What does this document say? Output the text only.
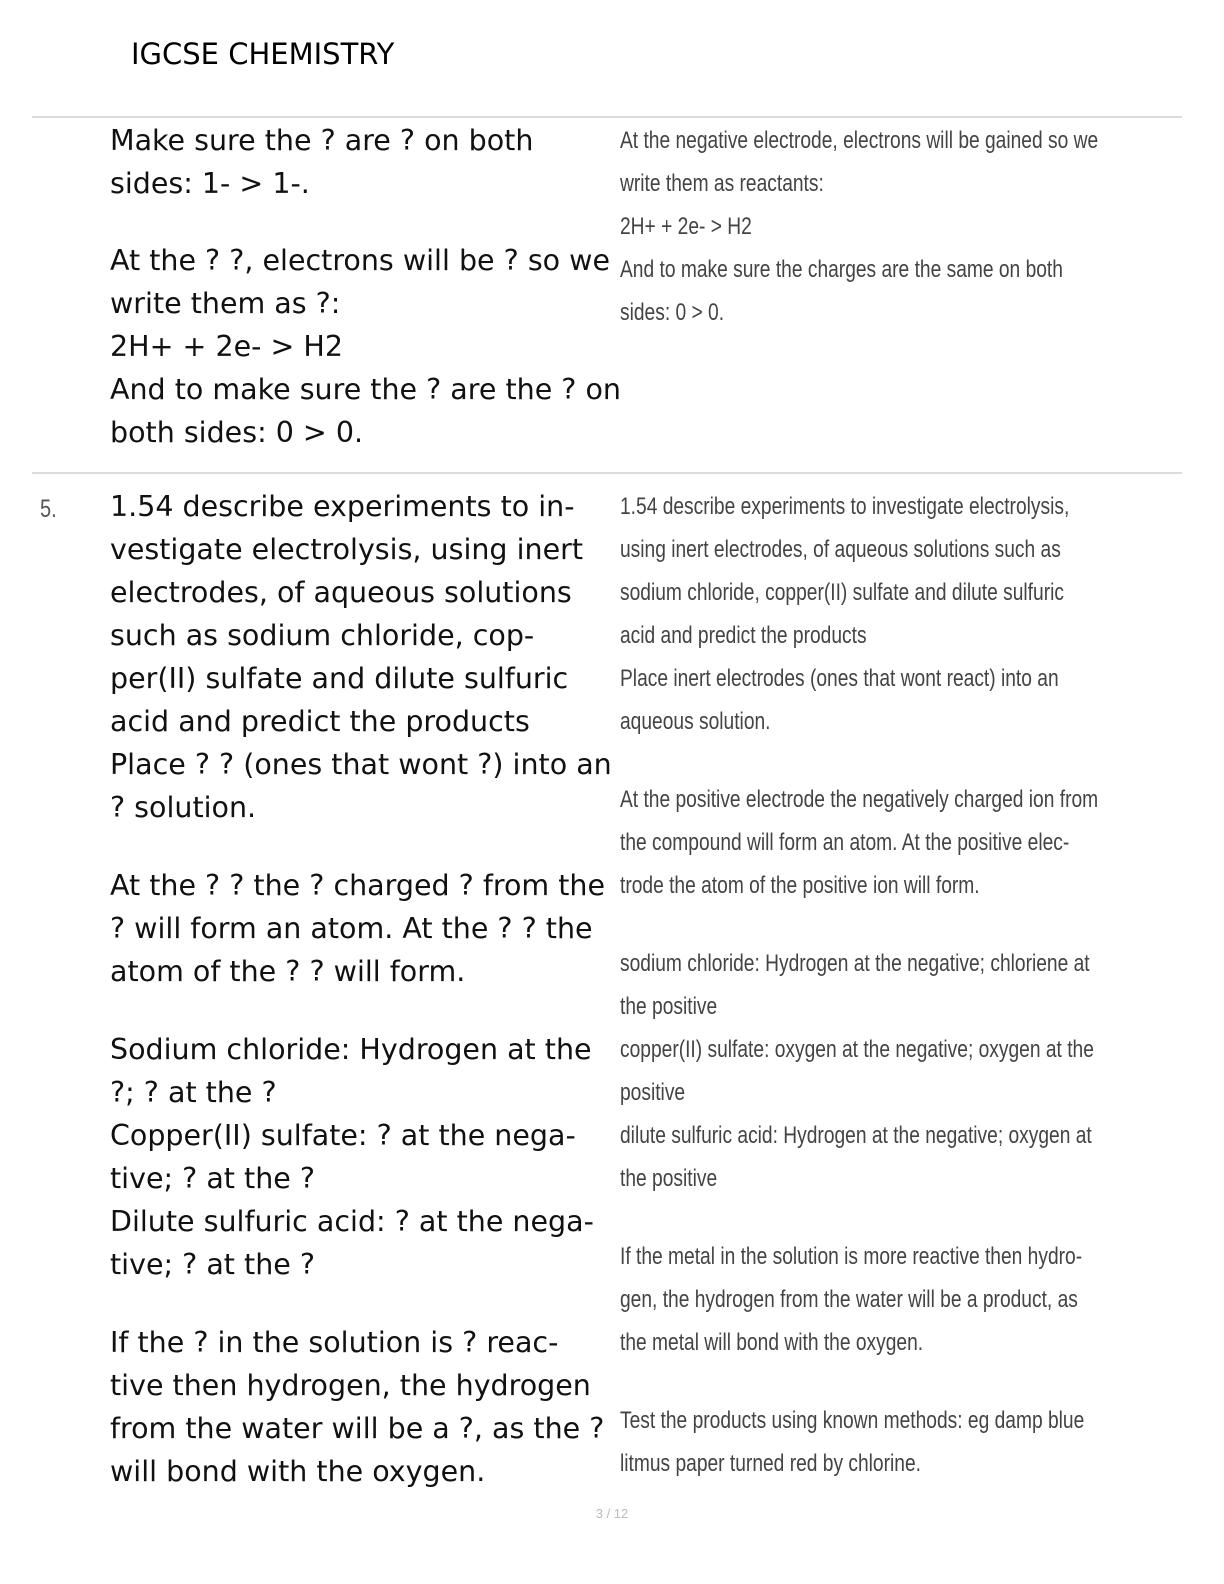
IGCSE CHEMISTRY
Make sure the ? are ? on both
sides: 1- > 1-.
At the ? ?, electrons will be ? so we
write them as ?:
2H+ + 2e- > H2
And to make sure the ? are the ? on
both sides: 0 > 0.
At the negative electrode, electrons will be gained so we
write them as reactants:
2H+ + 2e- > H2
And to make sure the charges are the same on both
sides: 0 > 0.
5. 1.54 describe experiments to in-
vestigate electrolysis, using inert
electrodes, of aqueous solutions
such as sodium chloride, cop-
per(II) sulfate and dilute sulfuric
acid and predict the products
Place ? ? (ones that wont ?) into an
? solution.
At the ? ? the ? charged ? from the
? will form an atom. At the ? ? the
atom of the ? ? will form.
Sodium chloride: Hydrogen at the
?; ? at the ?
Copper(II) sulfate: ? at the nega-
tive; ? at the ?
Dilute sulfuric acid: ? at the nega-
tive; ? at the ?
If the ? in the solution is ? reac-
tive then hydrogen, the hydrogen
from the water will be a ?, as the ?
will bond with the oxygen.
1.54 describe experiments to investigate electrolysis,
using inert electrodes, of aqueous solutions such as
sodium chloride, copper(II) sulfate and dilute sulfuric
acid and predict the products
Place inert electrodes (ones that wont react) into an
aqueous solution.
At the positive electrode the negatively charged ion from
the compound will form an atom. At the positive elec-
trode the atom of the positive ion will form.
sodium chloride: Hydrogen at the negative; chloriene at
the positive
copper(II) sulfate: oxygen at the negative; oxygen at the
positive
dilute sulfuric acid: Hydrogen at the negative; oxygen at
the positive
If the metal in the solution is more reactive then hydro-
gen, the hydrogen from the water will be a product, as
the metal will bond with the oxygen.
Test the products using known methods: eg damp blue
litmus paper turned red by chlorine.
3 / 12
